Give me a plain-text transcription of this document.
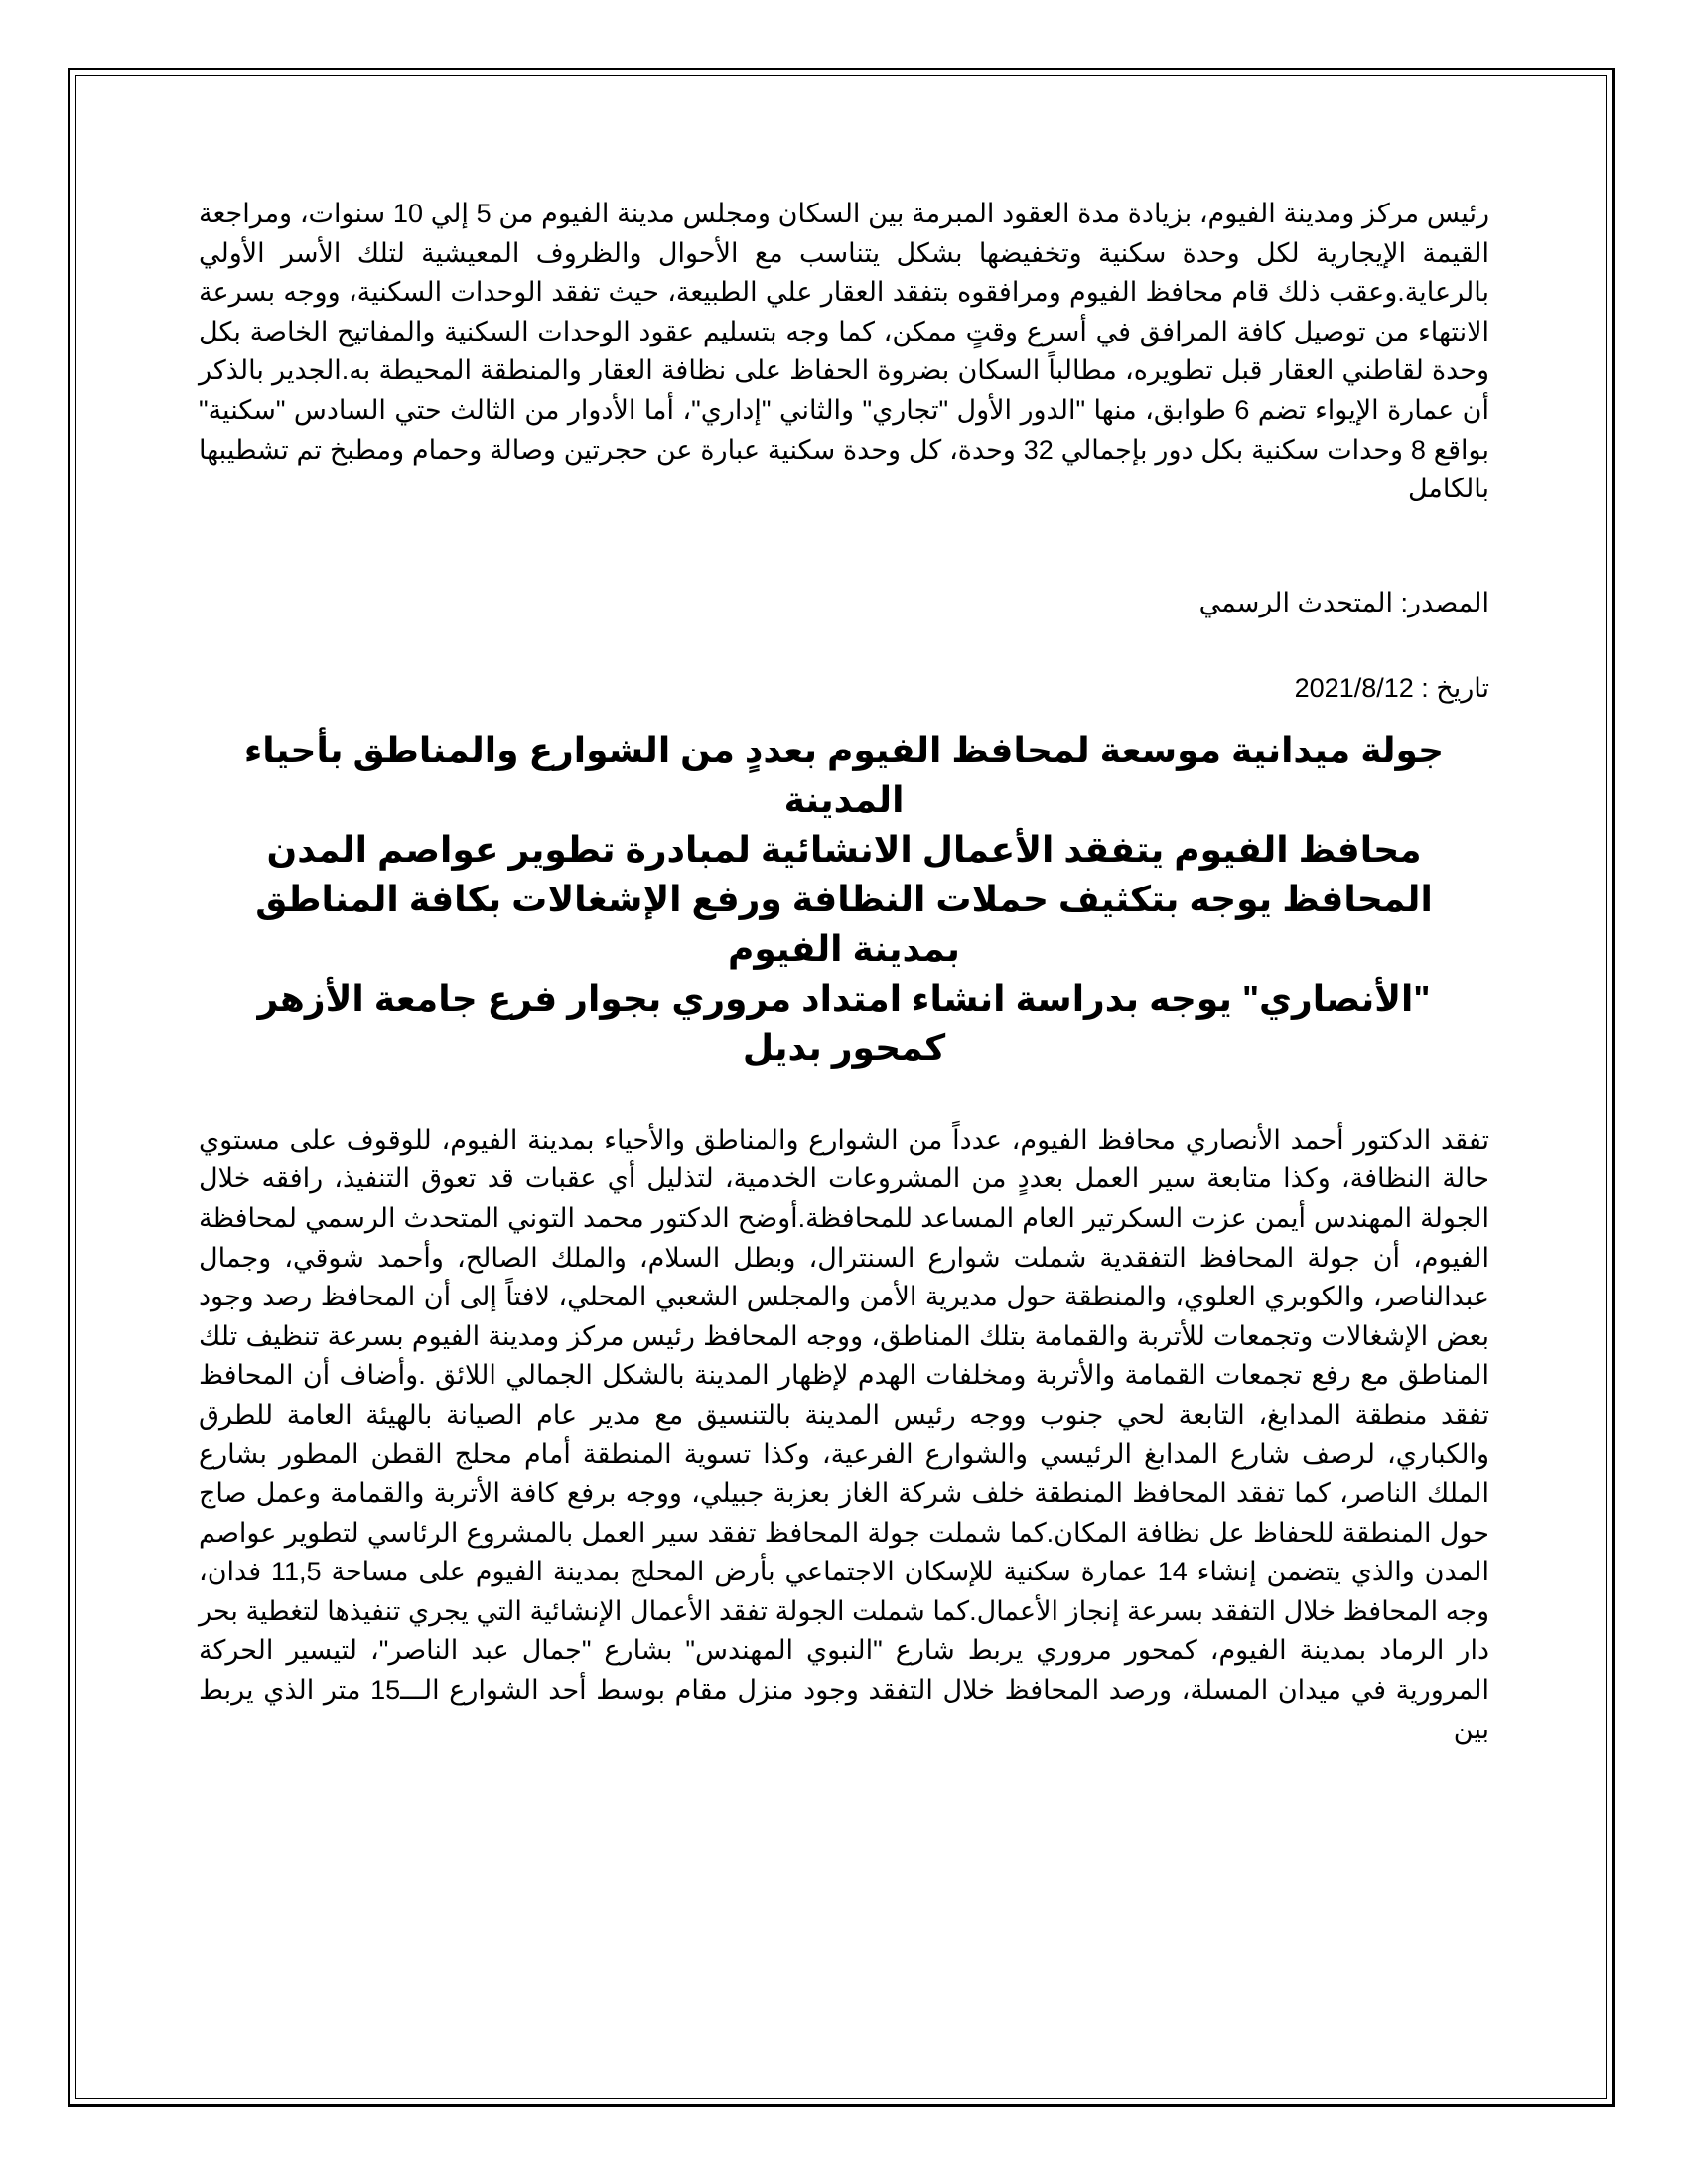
رئيس مركز ومدينة الفيوم، بزيادة مدة العقود المبرمة بين السكان ومجلس مدينة الفيوم من 5 إلي 10 سنوات، ومراجعة القيمة الإيجارية لكل وحدة سكنية وتخفيضها بشكل يتناسب مع الأحوال والظروف المعيشية لتلك الأسر الأولي بالرعاية.وعقب ذلك قام محافظ الفيوم ومرافقوه بتفقد العقار علي الطبيعة، حيث تفقد الوحدات السكنية، ووجه بسرعة الانتهاء من توصيل كافة المرافق في أسرع وقتٍ ممكن، كما وجه بتسليم عقود الوحدات السكنية والمفاتيح الخاصة بكل وحدة لقاطني العقار قبل تطويره، مطالباً السكان بضروة الحفاظ على نظافة العقار والمنطقة المحيطة به.الجدير بالذكر أن عمارة الإيواء تضم 6 طوابق، منها "الدور الأول "تجاري" والثاني "إداري"، أما الأدوار من الثالث حتي السادس "سكنية" بواقع 8 وحدات سكنية بكل دور بإجمالي 32 وحدة، كل وحدة سكنية عبارة عن حجرتين وصالة وحمام ومطبخ تم تشطيبها بالكامل

المصدر: المتحدث الرسمي

تاريخ : 2021/8/12

جولة ميدانية موسعة لمحافظ الفيوم بعددٍ من الشوارع والمناطق بأحياء المدينة

محافظ الفيوم يتفقد الأعمال الانشائية لمبادرة تطوير عواصم المدن

المحافظ يوجه بتكثيف حملات النظافة ورفع الإشغالات بكافة المناطق بمدينة الفيوم

"الأنصاري" يوجه بدراسة انشاء امتداد مروري بجوار فرع جامعة الأزهر كمحور بديل

تفقد الدكتور أحمد الأنصاري محافظ الفيوم، عدداً من الشوارع والمناطق والأحياء بمدينة الفيوم، للوقوف على مستوي حالة النظافة، وكذا متابعة سير العمل بعددٍ من المشروعات الخدمية، لتذليل أي عقبات قد تعوق التنفيذ، رافقه خلال الجولة المهندس أيمن عزت السكرتير العام المساعد للمحافظة.أوضح الدكتور محمد التوني المتحدث الرسمي لمحافظة الفيوم، أن جولة المحافظ التفقدية شملت شوارع السنترال، وبطل السلام، والملك الصالح، وأحمد شوقي، وجمال عبدالناصر، والكوبري العلوي، والمنطقة حول مديرية الأمن والمجلس الشعبي المحلي، لافتاً إلى أن المحافظ رصد وجود بعض الإشغالات وتجمعات للأتربة والقمامة بتلك المناطق، ووجه المحافظ رئيس مركز ومدينة الفيوم بسرعة تنظيف تلك المناطق مع رفع تجمعات القمامة والأتربة ومخلفات الهدم لإظهار المدينة بالشكل الجمالي اللائق .وأضاف أن المحافظ تفقد منطقة المدابغ، التابعة لحي جنوب ووجه رئيس المدينة بالتنسيق مع مدير عام الصيانة بالهيئة العامة للطرق والكباري، لرصف شارع المدابغ الرئيسي والشوارع الفرعية، وكذا تسوية المنطقة أمام محلج القطن المطور بشارع الملك الناصر، كما تفقد المحافظ المنطقة خلف شركة الغاز بعزبة جبيلي، ووجه برفع كافة الأتربة والقمامة وعمل صاج حول المنطقة للحفاظ عل نظافة المكان.كما شملت جولة المحافظ تفقد سير العمل بالمشروع الرئاسي لتطوير عواصم المدن والذي يتضمن إنشاء 14 عمارة سكنية للإسكان الاجتماعي بأرض المحلج بمدينة الفيوم على مساحة 11,5 فدان، وجه المحافظ خلال التفقد بسرعة إنجاز الأعمال.كما شملت الجولة تفقد الأعمال الإنشائية التي يجري تنفيذها لتغطية بحر دار الرماد بمدينة الفيوم، كمحور مروري يربط شارع "النبوي المهندس" بشارع "جمال عبد الناصر"، لتيسير الحركة المرورية في ميدان المسلة، ورصد المحافظ خلال التفقد وجود منزل مقام بوسط أحد الشوارع الـــ15 متر الذي يربط بين
